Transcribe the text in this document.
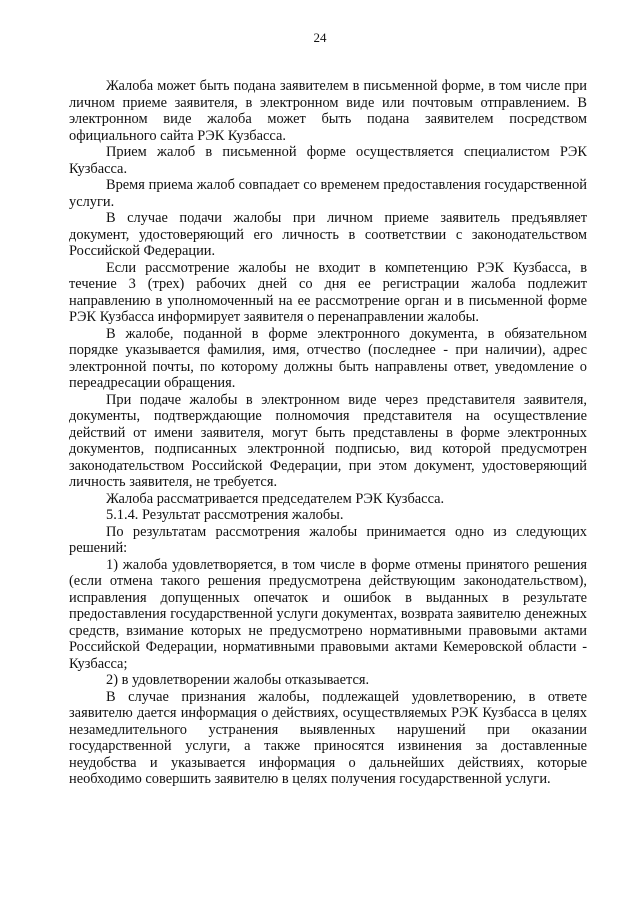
24

Жалоба может быть подана заявителем в письменной форме, в том числе при личном приеме заявителя, в электронном виде или почтовым отправлением. В электронном виде жалоба может быть подана заявителем посредством официального сайта РЭК Кузбасса.

Прием жалоб в письменной форме осуществляется специалистом РЭК Кузбасса.

Время приема жалоб совпадает со временем предоставления государственной услуги.

В случае подачи жалобы при личном приеме заявитель предъявляет документ, удостоверяющий его личность в соответствии с законодательством Российской Федерации.

Если рассмотрение жалобы не входит в компетенцию РЭК Кузбасса, в течение 3 (трех) рабочих дней со дня ее регистрации жалоба подлежит направлению в уполномоченный на ее рассмотрение орган и в письменной форме РЭК Кузбасса информирует заявителя о перенаправлении жалобы.

В жалобе, поданной в форме электронного документа, в обязательном порядке указывается фамилия, имя, отчество (последнее - при наличии), адрес электронной почты, по которому должны быть направлены ответ, уведомление о переадресации обращения.

При подаче жалобы в электронном виде через представителя заявителя, документы, подтверждающие полномочия представителя на осуществление действий от имени заявителя, могут быть представлены в форме электронных документов, подписанных электронной подписью, вид которой предусмотрен законодательством Российской Федерации, при этом документ, удостоверяющий личность заявителя, не требуется.

Жалоба рассматривается председателем РЭК Кузбасса.

5.1.4. Результат рассмотрения жалобы.

По результатам рассмотрения жалобы принимается одно из следующих решений:

1) жалоба удовлетворяется, в том числе в форме отмены принятого решения (если отмена такого решения предусмотрена действующим законодательством), исправления допущенных опечаток и ошибок в выданных в результате предоставления государственной услуги документах, возврата заявителю денежных средств, взимание которых не предусмотрено нормативными правовыми актами Российской Федерации, нормативными правовыми актами Кемеровской области - Кузбасса;

2) в удовлетворении жалобы отказывается.

В случае признания жалобы, подлежащей удовлетворению, в ответе заявителю дается информация о действиях, осуществляемых РЭК Кузбасса в целях незамедлительного устранения выявленных нарушений при оказании государственной услуги, а также приносятся извинения за доставленные неудобства и указывается информация о дальнейших действиях, которые необходимо совершить заявителю в целях получения государственной услуги.
